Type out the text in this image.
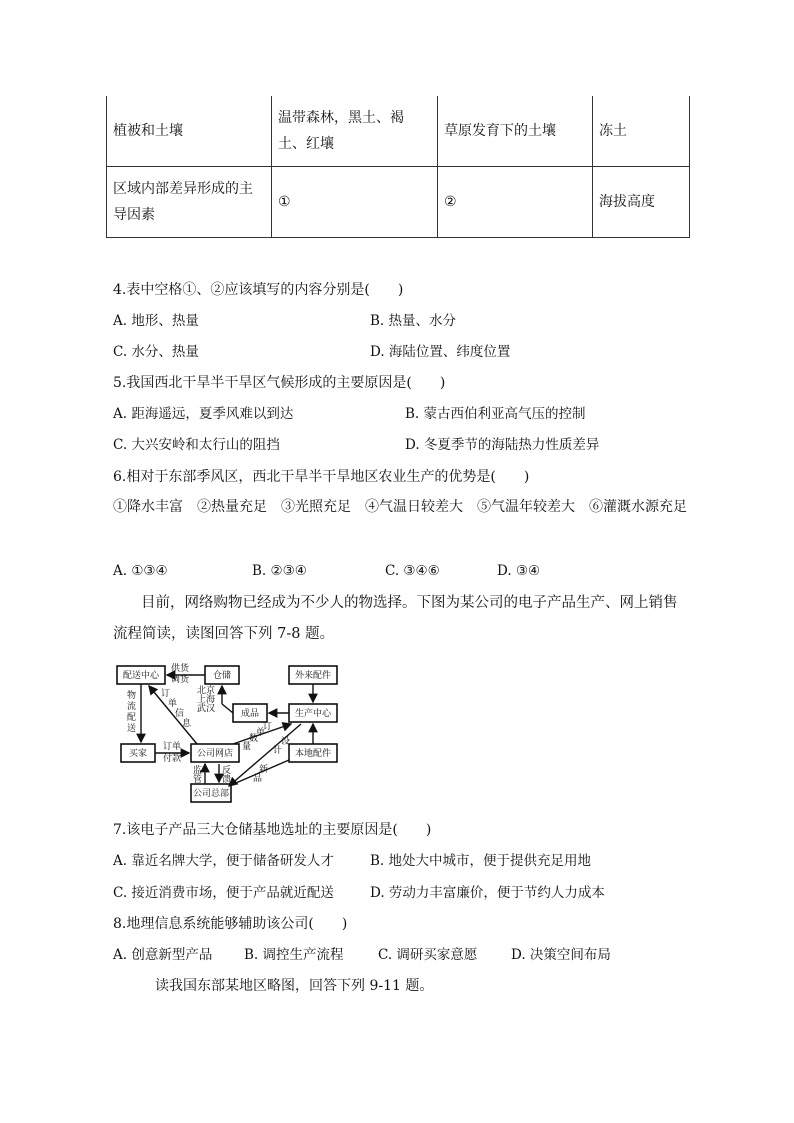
植被和土壤	温带森林，黑土、褐土、红壤	草原发育下的土壤	冻土
区域内部差异形成的主导因素	①	②	海拔高度
4.表中空格①、②应该填写的内容分别是(　　)
A. 地形、热量	B. 热量、水分
C. 水分、热量	D. 海陆位置、纬度位置
5.我国西北干旱半干旱区气候形成的主要原因是(　　)
A. 距海遥远，夏季风难以到达	B. 蒙古西伯利亚高气压的控制
C. 大兴安岭和太行山的阻挡	D. 冬夏季节的海陆热力性质差异
6.相对于东部季风区，西北干旱半干旱地区农业生产的优势是(　　)
①降水丰富　②热量充足　③光照充足　④气温日较差大　⑤气温年较差大　⑥灌溉水源充足
A. ①③④	B. ②③④	C. ③④⑥	D. ③④
目前，网络购物已经成为不少人的物选择。下图为某公司的电子产品生产、网上销售流程简读，读图回答下列 7-8 题。
配送中心	仓储	外来配件
成品	生产中心
买家	公司网店	本地配件
公司总部
供货
调货
北京
上海
武汉
物
流
配
送
订
单
信
息
订单
付款
订
单
数
量	设
计
新
品
监
管
反
馈
7.该电子产品三大仓储基地选址的主要原因是(　　)
A. 靠近名牌大学，便于储备研发人才	B. 地处大中城市，便于提供充足用地
C. 接近消费市场，便于产品就近配送	D. 劳动力丰富廉价，便于节约人力成本
8.地理信息系统能够辅助该公司(　　)
A. 创意新型产品 B. 调控生产流程	C. 调研买家意愿 D. 决策空间布局
读我国东部某地区略图，回答下列 9-11 题。
